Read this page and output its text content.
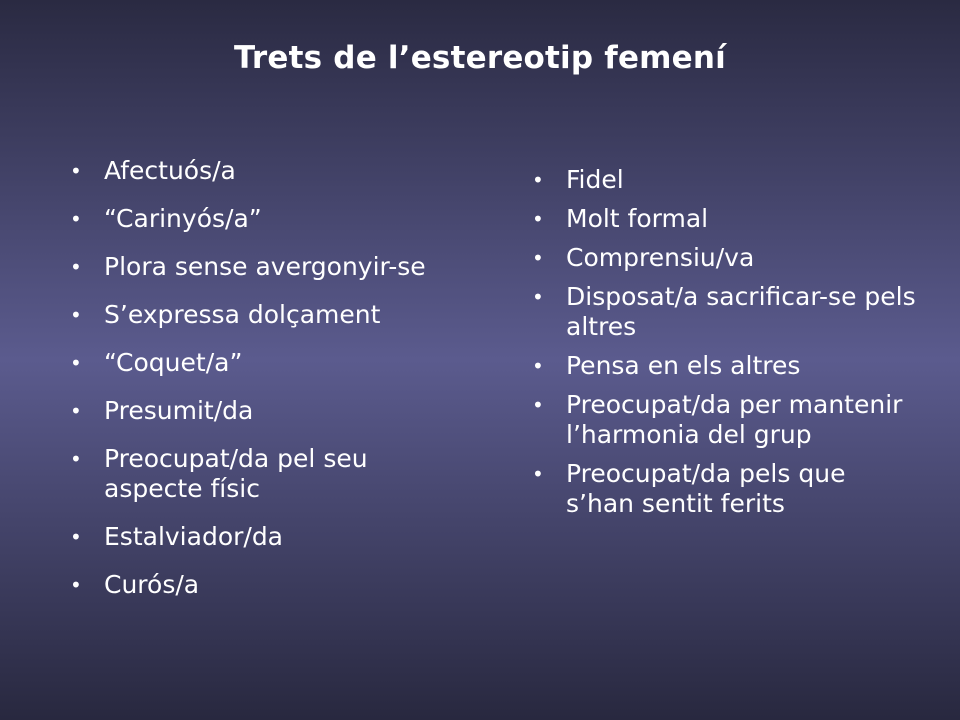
Trets de l’estereotip femení
• Afectuós/a
• “Carinyós/a”
• Plora sense avergonyir-se
• S’expressa dolçament
• “Coquet/a”
• Presumit/da
• Preocupat/da pel seu aspecte físic
• Estalviador/da
• Curós/a
• Fidel
• Molt formal
• Comprensiu/va
• Disposat/a sacrificar-se pels altres
• Pensa en els altres
• Preocupat/da per mantenir l’harmonia del grup
• Preocupat/da pels que s’han sentit ferits
